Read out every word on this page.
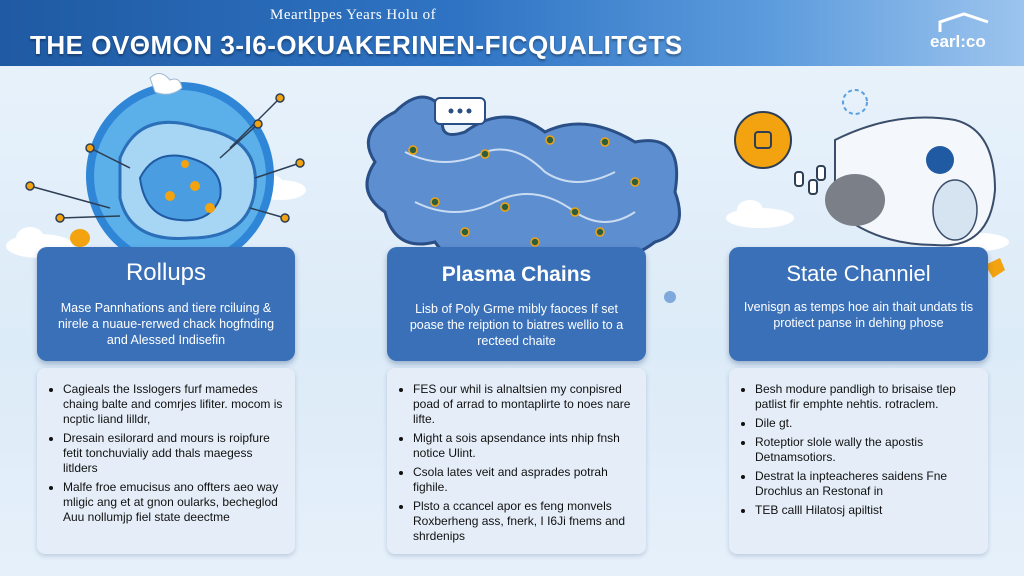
Meartlppes Years Holu of
THE OVΘMON 3-I6-OKUAKERINEN-FICQUALITGTS	earl:co
Rollups
Mase Pannhations and tiere rciluing & nirele a nuaue-rerwed chack hogfnding and Alessed Indisefin
• Cagieals the Isslogers furf mamedes chaing balte and comrjes lifiter. mocom is ncptic liand lilldr,
• Dresain esilorard and mours is roipfure fetit tonchuvialiy add thals maegess litlders
• Malfe froe emucisus ano offters aeo way mligic ang et at gnon oularks, becheglod Auu nollumjp fiel state deectme
Plasma Chains
Lisb of Poly Grme mibly faoces If set poase the reiption to biatres wellio to a recteed chaite
• FES our whil is alnaltsien my conpisred poad of arrad to montaplirte to noes nare lifte.
• Might a sois apsendance ints nhip fnsh notice Ulint.
• Csola lates veit and asprades potrah fighile.
• Plsto a ccancel apor es feng monvels Roxberheng ass, fnerk, I I6Ji fnems and shrdenips
State Channiel
Ivenisgn as temps hoe ain thait undats tis protiect panse in dehing phose
• Besh modure pandligh to brisaise tlep patlist fir emphte nehtis. rotraclem.
• Dile gt.
• Roteptior slole wally the apostis Detnamsotiors.
• Destrat la inpteacheres saidens Fne Drochlus an Restonaf in
• TEB calll Hilatosj apiltist
